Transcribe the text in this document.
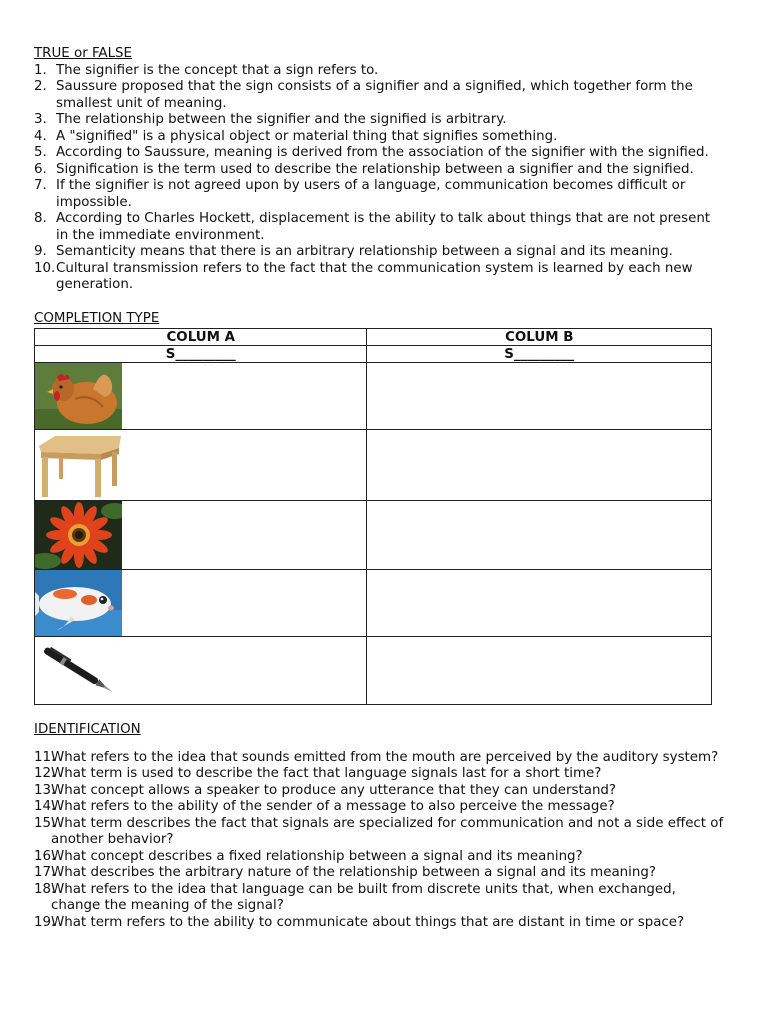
TRUE or FALSE

1. The signifier is the concept that a sign refers to.
2. Saussure proposed that the sign consists of a signifier and a signified, which together form the smallest unit of meaning.
3. The relationship between the signifier and the signified is arbitrary.
4. A "signified" is a physical object or material thing that signifies something.
5. According to Saussure, meaning is derived from the association of the signifier with the signified.
6. Signification is the term used to describe the relationship between a signifier and the signified.
7. If the signifier is not agreed upon by users of a language, communication becomes difficult or impossible.
8. According to Charles Hockett, displacement is the ability to talk about things that are not present in the immediate environment.
9. Semanticity means that there is an arbitrary relationship between a signal and its meaning.
10. Cultural transmission refers to the fact that the communication system is learned by each new generation.

COMPLETION TYPE

COLUM A	COLUM B
S_________	S_________

IDENTIFICATION

11.
What refers to the idea that sounds emitted from the mouth are perceived by the auditory system?
12.
What term is used to describe the fact that language signals last for a short time?
13.
What concept allows a speaker to produce any utterance that they can understand?
14.
What refers to the ability of the sender of a message to also perceive the message?
15.
What term describes the fact that signals are specialized for communication and not a side effect of another behavior?
16.
What concept describes a fixed relationship between a signal and its meaning?
17.
What describes the arbitrary nature of the relationship between a signal and its meaning?
18.
What refers to the idea that language can be built from discrete units that, when exchanged, change the meaning of the signal?
19.
What term refers to the ability to communicate about things that are distant in time or space?
